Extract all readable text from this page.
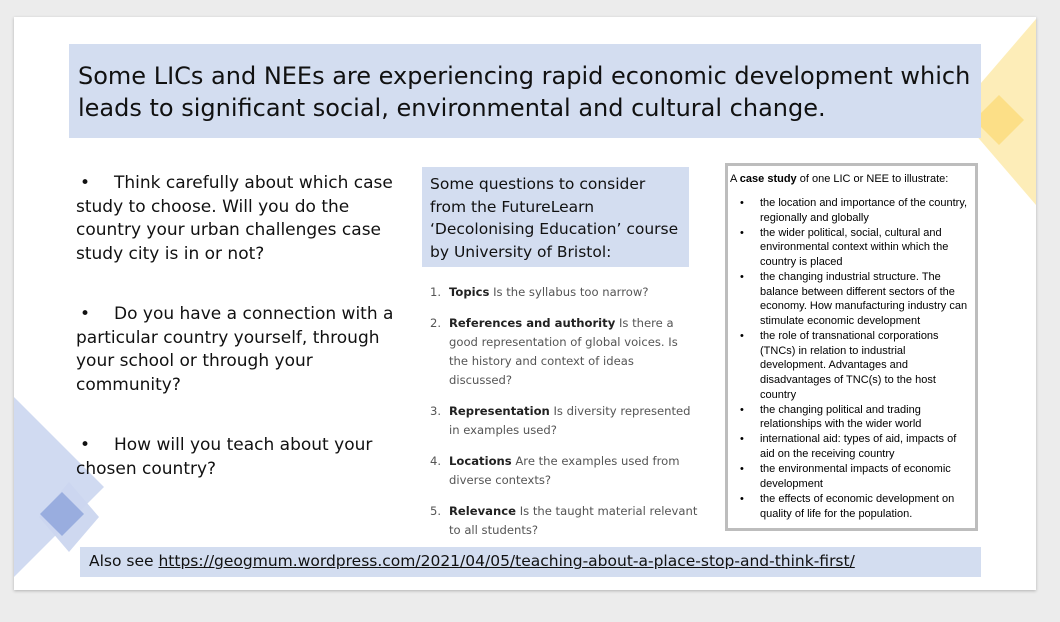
Some LICs and NEEs are experiencing rapid economic development which leads to significant social, environmental and cultural change.
• Think carefully about which case study to choose. Will you do the country your urban challenges case study city is in or not?
• Do you have a connection with a particular country yourself, through your school or through your community?
• How will you teach about your chosen country?
Some questions to consider from the FutureLearn ‘Decolonising Education’ course by University of Bristol:
1. Topics Is the syllabus too narrow?
2. References and authority Is there a good representation of global voices. Is the history and context of ideas discussed?
3. Representation Is diversity represented in examples used?
4. Locations Are the examples used from diverse contexts?
5. Relevance Is the taught material relevant to all students?
A case study of one LIC or NEE to illustrate:
• the location and importance of the country, regionally and globally
• the wider political, social, cultural and environmental context within which the country is placed
• the changing industrial structure. The balance between different sectors of the economy. How manufacturing industry can stimulate economic development
• the role of transnational corporations (TNCs) in relation to industrial development. Advantages and disadvantages of TNC(s) to the host country
• the changing political and trading relationships with the wider world
• international aid: types of aid, impacts of aid on the receiving country
• the environmental impacts of economic development
• the effects of economic development on quality of life for the population.
Also see https://geogmum.wordpress.com/2021/04/05/teaching-about-a-place-stop-and-think-first/
